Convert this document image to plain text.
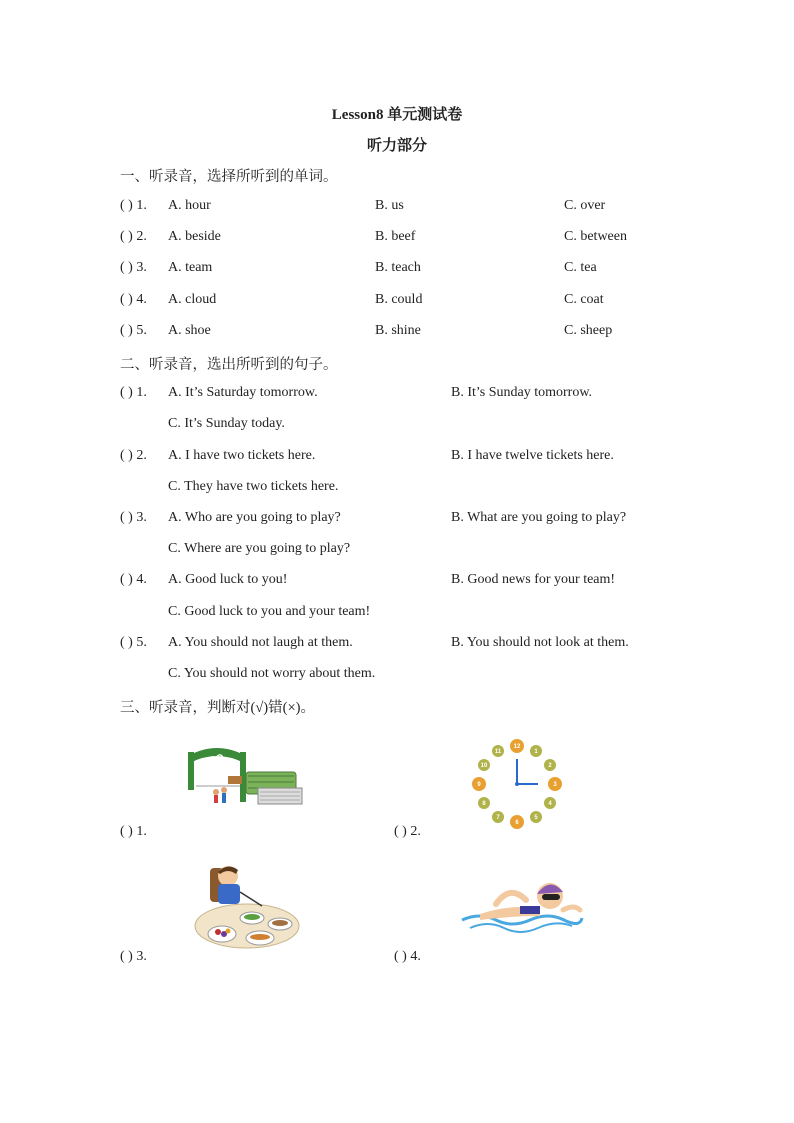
Lesson8 单元测试卷
听力部分
一、听录音，选择所听到的单词。
( ) 1. A. hour	B. us	C. over
( ) 2. A. beside	B. beef	C. between
( ) 3. A. team	B. teach	C. tea
( ) 4. A. cloud	B. could	C. coat
( ) 5. A. shoe	B. shine	C. sheep
二、听录音，选出所听到的句子。
( ) 1. A. It’s Saturday tomorrow.	B. It’s Sunday tomorrow.
C. It’s Sunday today.
( ) 2. A. I have two tickets here.	B. I have twelve tickets here.
C. They have two tickets here.
( ) 3. A. Who are you going to play?	B. What are you going to play?
C. Where are you going to play?
( ) 4. A. Good luck to you!	B. Good news for your team!
C. Good luck to you and your team!
( ) 5. A. You should not laugh at them.	B. You should not look at them.
C. You should not worry about them.
三、听录音，判断对(√)错(×)。
ZOO
12
1
2
3
4
5
6
7
8
9
10
11
( ) 1.	( ) 2.
( ) 3.	( ) 4.
